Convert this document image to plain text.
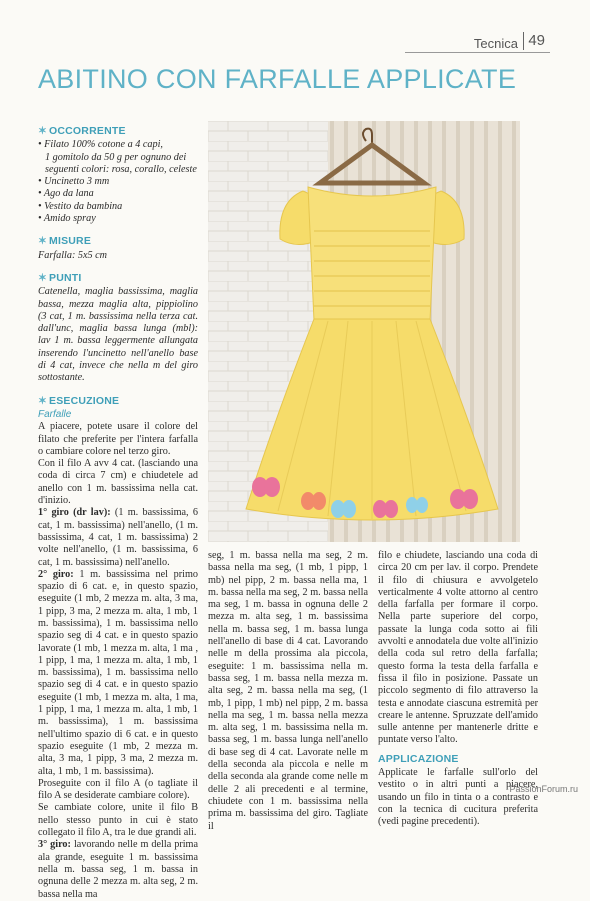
Tecnica 49
ABITINO CON FARFALLE APPLICATE
✶ OCCORRENTE
• Filato 100% cotone a 4 capi,
1 gomitolo da 50 g per ognuno dei seguenti colori: rosa, corallo, celeste
• Uncinetto 3 mm
• Ago da lana
• Vestito da bambina
• Amido spray
✶ MISURE
Farfalla: 5x5 cm
✶ PUNTI

Catenella, maglia bassissima, maglia bassa, mezza maglia alta, pippiolino (3 cat, 1 m. bassissima nella terza cat. dall'unc, maglia bassa lunga (mbl): lav 1 m. bassa leggermente allungata inserendo l'uncinetto nell'anello base di 4 cat, invece che nella m del giro sottostante.

✶ ESECUZIONE
Farfalle

A piacere, potete usare il colore del filato che preferite per l'intera farfalla o cambiare colore nel terzo giro.

Con il filo A avv 4 cat. (lasciando una coda di circa 7 cm) e chiudetele ad anello con 1 m. bassissima nella cat. d'inizio.

1° giro (dr lav): (1 m. bassissima, 6 cat, 1 m. bassissima) nell'anello, (1 m. bassissima, 4 cat, 1 m. bassissima) 2 volte nell'anello, (1 m. bassissima, 6 cat, 1 m. bassissima) nell'anello.

2° giro: 1 m. bassissima nel primo spazio di 6 cat. e, in questo spazio, eseguite (1 mb, 2 mezza m. alta, 3 ma, 1 pipp, 3 ma, 2 mezza m. alta, 1 mb, 1 m. bassissima), 1 m. bassissima nello spazio seg di 4 cat. e in questo spazio lavorate (1 mb, 1 mezza m. alta, 1 ma , 1 pipp, 1 ma, 1 mezza m. alta, 1 mb, 1 m. bassissima), 1 m. bassissima nello spazio seg di 4 cat. e in questo spazio eseguite (1 mb, 1 mezza m. alta, 1 ma, 1 pipp, 1 ma, 1 mezza m. alta, 1 mb, 1 m. bassissima), 1 m. bassissima nell'ultimo spazio di 6 cat. e in questo spazio eseguite (1 mb, 2 mezza m. alta, 3 ma, 1 pipp, 3 ma, 2 mezza m. alta, 1 mb, 1 m. bassissima).

Proseguite con il filo A (o tagliate il filo A se desiderate cambiare colore).

Se cambiate colore, unite il filo B nello stesso punto in cui è stato collegato il filo A, tra le due grandi ali.

3° giro: lavorando nelle m della prima ala grande, eseguite 1 m. bassissima nella m. bassa seg, 1 m. bassa in ognuna delle 2 mezza m. alta seg, 2 m. bassa nella ma

seg, 1 m. bassa nella ma seg, 2 m. bassa nella ma seg, (1 mb, 1 pipp, 1 mb) nel pipp, 2 m. bassa nella ma, 1 m. bassa nella ma seg, 2 m. bassa nella ma seg, 1 m. bassa in ognuna delle 2 mezza m. alta seg, 1 m. bassissima nella m. bassa seg, 1 m. bassa lunga nell'anello di base di 4 cat. Lavorando nelle m della prossima ala piccola, eseguite: 1 m. bassissima nella m. bassa seg, 1 m. bassa nella mezza m. alta seg, 2 m. bassa nella ma seg, (1 mb, 1 pipp, 1 mb) nel pipp, 2 m. bassa nella ma seg, 1 m. bassa nella mezza m. alta seg, 1 m. bassissima nella m. bassa seg, 1 m. bassa lunga nell'anello di base seg di 4 cat. Lavorate nelle m della seconda ala piccola e nelle m della seconda ala grande come nelle m delle 2 ali precedenti e al termine, chiudete con 1 m. bassissima nella prima m. bassissima del giro. Tagliate il

filo e chiudete, lasciando una coda di circa 20 cm per lav. il corpo. Prendete il filo di chiusura e avvolgetelo verticalmente 4 volte attorno al centro della farfalla per formare il corpo. Nella parte superiore del corpo, passate la lunga coda sotto ai fili avvolti e annodatela due volte all'inizio della coda sul retro della farfalla; questo forma la testa della farfalla e fissa il filo in posizione. Passate un piccolo segmento di filo attraverso la testa e annodate ciascuna estremità per creare le antenne. Spruzzate dell'amido sulle antenne per mantenerle dritte e puntate verso l'alto.

APPLICAZIONE

Applicate le farfalle sull'orlo del vestito o in altri punti a piacere, usando un filo in tinta o a contrasto e con la tecnica di cucitura preferita (vedi pagine precedenti).

PassionForum.ru
